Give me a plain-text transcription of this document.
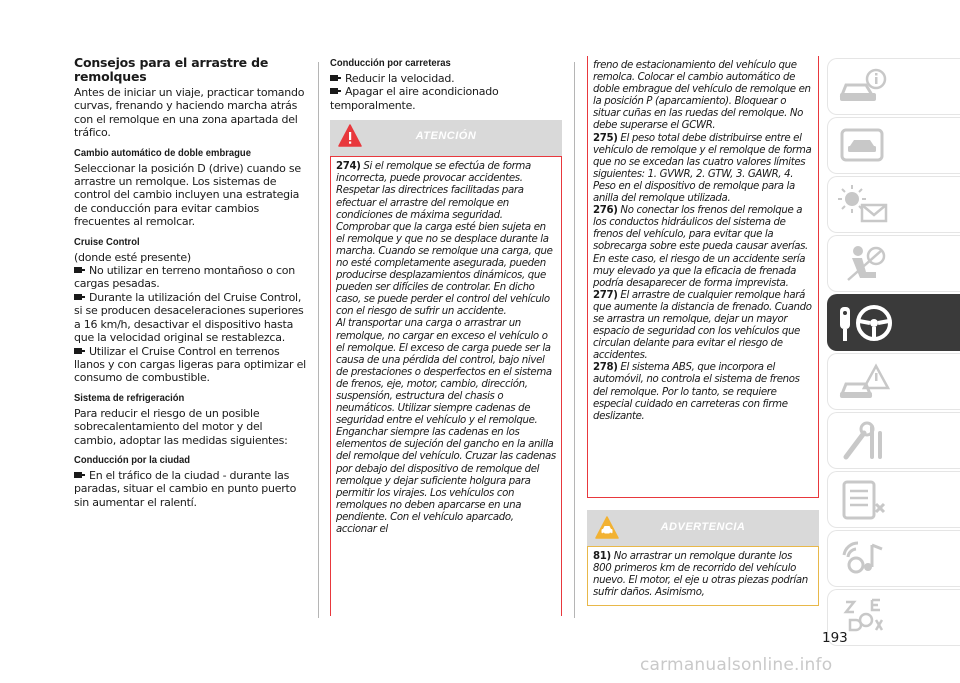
Consejos para el arrastre de remolques

Antes de iniciar un viaje, practicar tomando curvas, frenando y haciendo marcha atrás con el remolque en una zona apartada del tráfico.

Cambio automático de doble embrague

Seleccionar la posición D (drive) cuando se arrastre un remolque. Los sistemas de control del cambio incluyen una estrategia de conducción para evitar cambios frecuentes al remolcar.

Cruise Control

(donde esté presente)

No utilizar en terreno montañoso o con cargas pesadas.

Durante la utilización del Cruise Control, si se producen desaceleraciones superiores a 16 km/h, desactivar el dispositivo hasta que la velocidad original se restablezca.

Utilizar el Cruise Control en terrenos llanos y con cargas ligeras para optimizar el consumo de combustible.

Sistema de refrigeración

Para reducir el riesgo de un posible sobrecalentamiento del motor y del cambio, adoptar las medidas siguientes:

Conducción por la ciudad

En el tráfico de la ciudad - durante las paradas, situar el cambio en punto puerto sin aumentar el ralentí.

Conducción por carreteras

Reducir la velocidad.

Apagar el aire acondicionado temporalmente.

ATENCIÓN

274) Si el remolque se efectúa de forma incorrecta, puede provocar accidentes. Respetar las directrices facilitadas para efectuar el arrastre del remolque en condiciones de máxima seguridad. Comprobar que la carga esté bien sujeta en el remolque y que no se desplace durante la marcha. Cuando se remolque una carga, que no esté completamente asegurada, pueden producirse desplazamientos dinámicos, que pueden ser difíciles de controlar. En dicho caso, se puede perder el control del vehículo con el riesgo de sufrir un accidente.

Al transportar una carga o arrastrar un remolque, no cargar en exceso el vehículo o el remolque. El exceso de carga puede ser la causa de una pérdida del control, bajo nivel de prestaciones o desperfectos en el sistema de frenos, eje, motor, cambio, dirección, suspensión, estructura del chasis o neumáticos. Utilizar siempre cadenas de seguridad entre el vehículo y el remolque. Enganchar siempre las cadenas en los elementos de sujeción del gancho en la anilla del remolque del vehículo. Cruzar las cadenas por debajo del dispositivo de remolque del remolque y dejar suficiente holgura para permitir los virajes. Los vehículos con remolques no deben aparcarse en una pendiente. Con el vehículo aparcado, accionar el

freno de estacionamiento del vehículo que remolca. Colocar el cambio automático de doble embrague del vehículo de remolque en la posición P (aparcamiento). Bloquear o situar cuñas en las ruedas del remolque. No debe superarse el GCWR.

275) El peso total debe distribuirse entre el vehículo de remolque y el remolque de forma que no se excedan las cuatro valores límites siguientes: 1. GVWR, 2. GTW, 3. GAWR, 4. Peso en el dispositivo de remolque para la anilla del remolque utilizada.

276) No conectar los frenos del remolque a los conductos hidráulicos del sistema de frenos del vehículo, para evitar que la sobrecarga sobre este pueda causar averías. En este caso, el riesgo de un accidente sería muy elevado ya que la eficacia de frenada podría desaparecer de forma imprevista.

277) El arrastre de cualquier remolque hará que aumente la distancia de frenado. Cuando se arrastra un remolque, dejar un mayor espacio de seguridad con los vehículos que circulan delante para evitar el riesgo de accidentes.

278) El sistema ABS, que incorpora el automóvil, no controla el sistema de frenos del remolque. Por lo tanto, se requiere especial cuidado en carreteras con firme deslizante.

ADVERTENCIA

81) No arrastrar un remolque durante los 800 primeros km de recorrido del vehículo nuevo. El motor, el eje u otras piezas podrían sufrir daños. Asimismo,

193
carmanualsonline.info
